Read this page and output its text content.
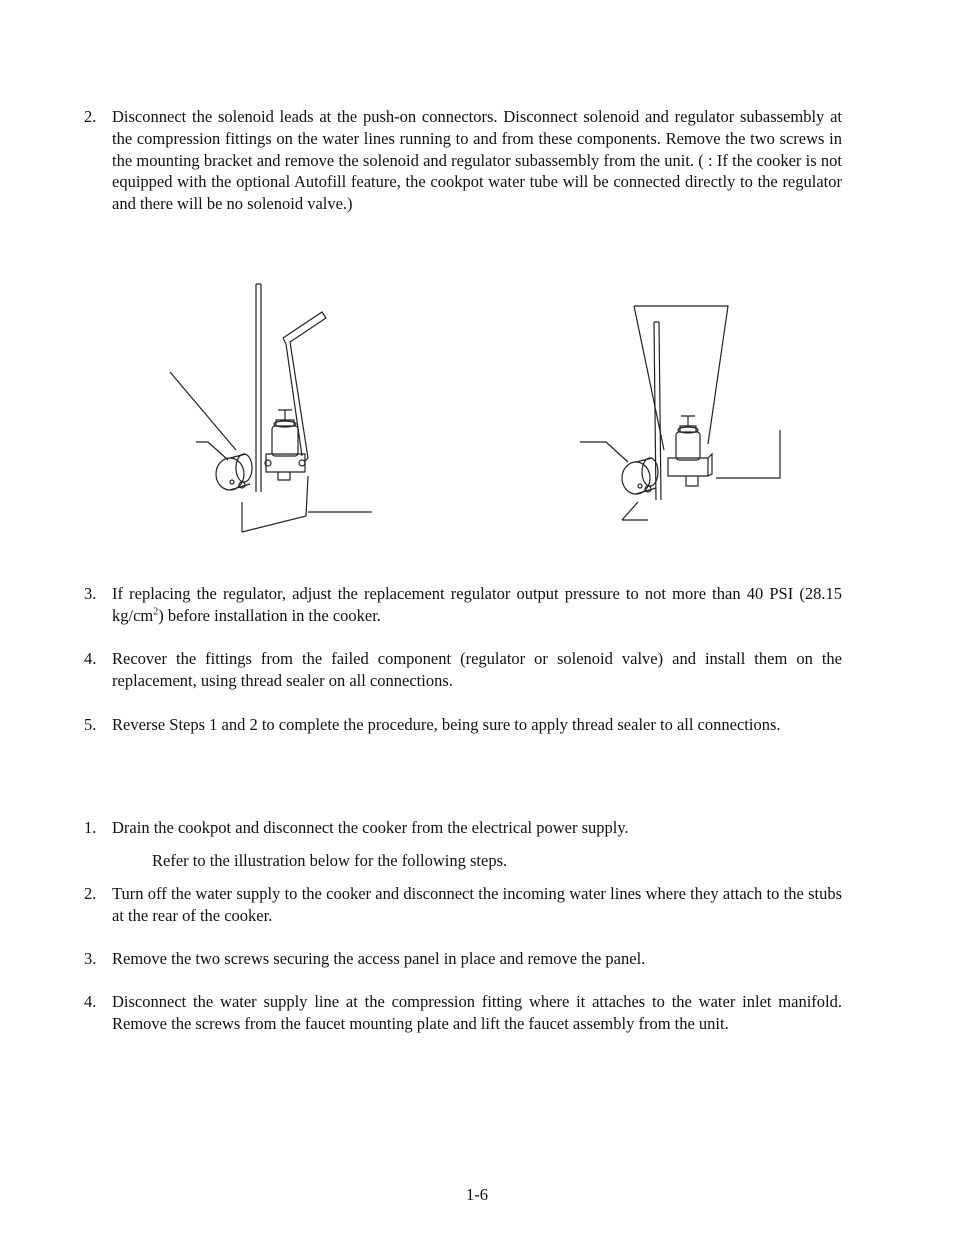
2. Disconnect the solenoid leads at the push-on connectors. Disconnect solenoid and regulator subassembly at the compression fittings on the water lines running to and from these components. Remove the two screws in the mounting bracket and remove the solenoid and regulator subassembly from the unit. ( : If the cooker is not equipped with the optional Autofill feature, the cookpot water tube will be connected directly to the regulator and there will be no solenoid valve.)
3. If replacing the regulator, adjust the replacement regulator output pressure to not more than 40 PSI (28.15 $kg/cm^2$) before installation in the cooker.
4. Recover the fittings from the failed component (regulator or solenoid valve) and install them on the replacement, using thread sealer on all connections.
5. Reverse Steps 1 and 2 to complete the procedure, being sure to apply thread sealer to all connections.
1. Drain the cookpot and disconnect the cooker from the electrical power supply.
Refer to the illustration below for the following steps.
2. Turn off the water supply to the cooker and disconnect the incoming water lines where they attach to the stubs at the rear of the cooker.
3. Remove the two screws securing the access panel in place and remove the panel.
4. Disconnect the water supply line at the compression fitting where it attaches to the water inlet manifold. Remove the screws from the faucet mounting plate and lift the faucet assembly from the unit.
1-6
